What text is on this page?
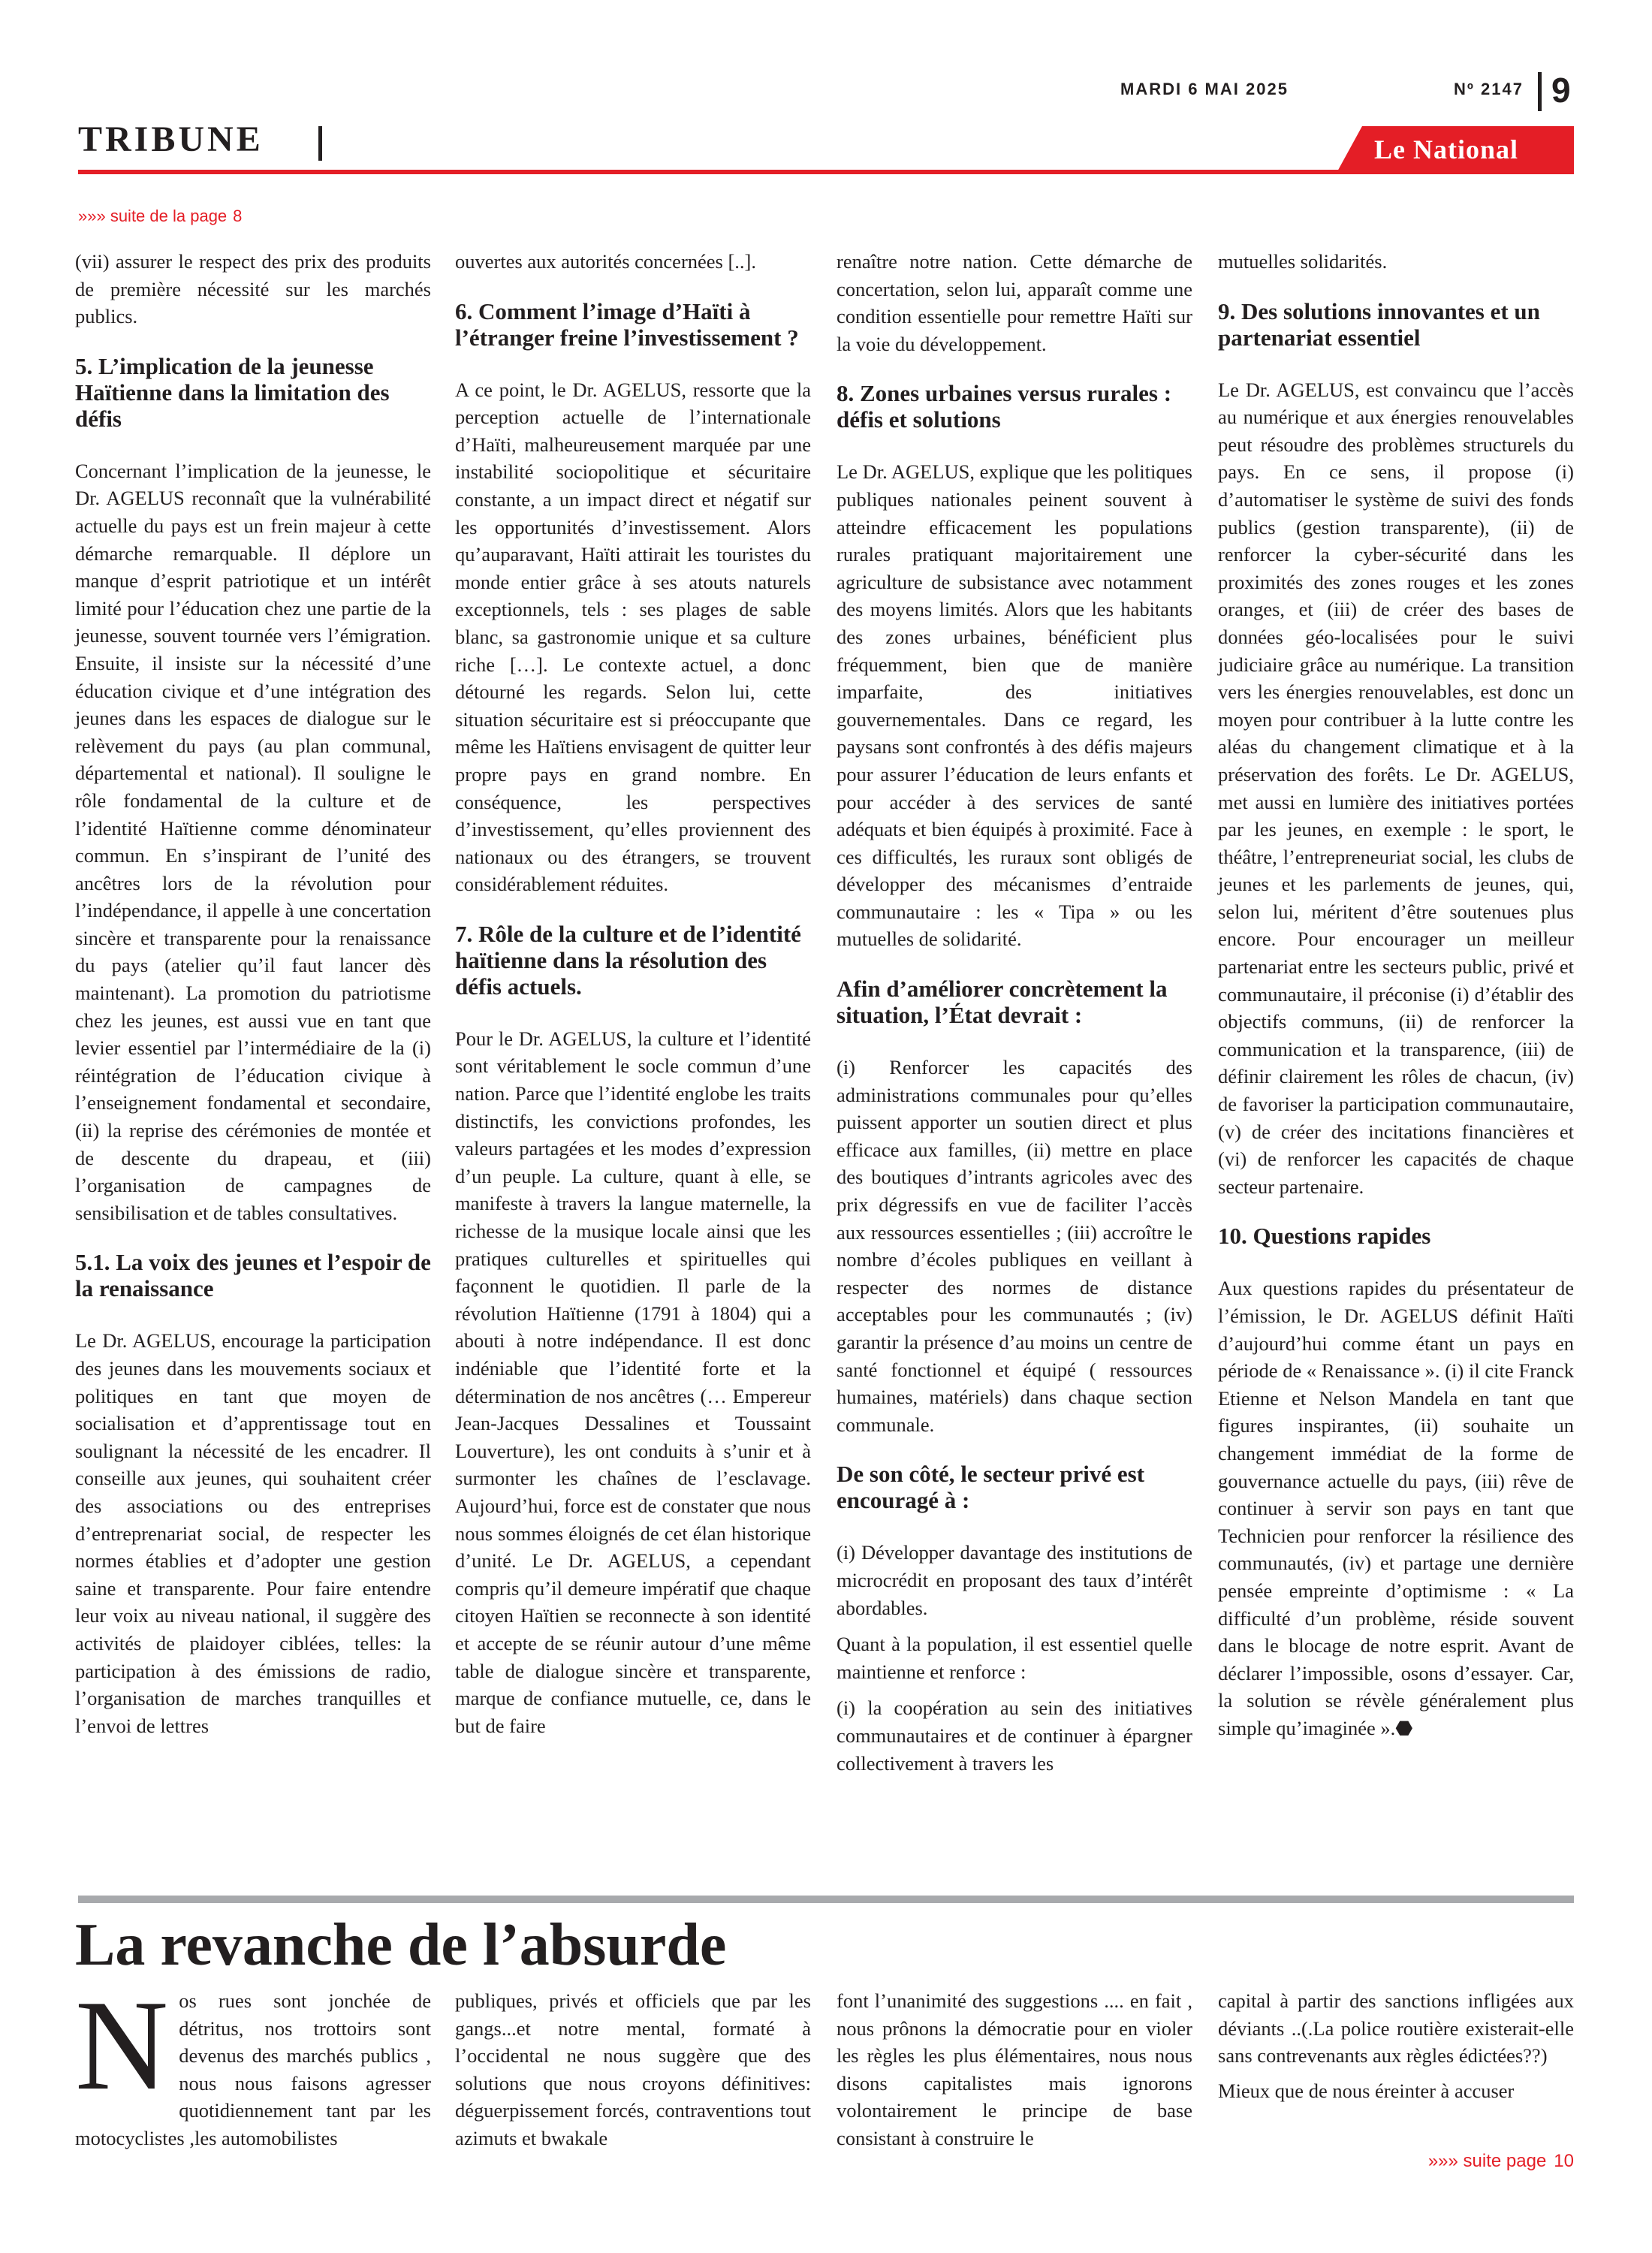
MARDI 6 MAI 2025	Nº 2147 9
TRIBUNE	Le National
»»» suite de la page 8

(vii) assurer le respect des prix des produits de première nécessité sur les marchés publics.

5. L’implication de la jeunesse Haïtienne dans la limitation des défis

Concernant l’implication de la jeunesse, le Dr. AGELUS reconnaît que la vulnérabilité actuelle du pays est un frein majeur à cette démarche remarquable. Il déplore un manque d’esprit patriotique et un intérêt limité pour l’éducation chez une partie de la jeunesse, souvent tournée vers l’émigration. Ensuite, il insiste sur la nécessité d’une éducation civique et d’une intégration des jeunes dans les espaces de dialogue sur le relèvement du pays (au plan communal, départemental et national). Il souligne le rôle fondamental de la culture et de l’identité Haïtienne comme dénominateur commun. En s’inspirant de l’unité des ancêtres lors de la révolution pour l’indépendance, il appelle à une concertation sincère et transparente pour la renaissance du pays (atelier qu’il faut lancer dès maintenant). La promotion du patriotisme chez les jeunes, est aussi vue en tant que levier essentiel par l’intermédiaire de la (i) réintégration de l’éducation civique à l’enseignement fondamental et secondaire, (ii) la reprise des cérémonies de montée et de descente du drapeau, et (iii) l’organisation de campagnes de sensibilisation et de tables consultatives.

5.1. La voix des jeunes et l’espoir de la renaissance

Le Dr. AGELUS, encourage la participation des jeunes dans les mouvements sociaux et politiques en tant que moyen de socialisation et d’apprentissage tout en soulignant la nécessité de les encadrer. Il conseille aux jeunes, qui souhaitent créer des associations ou des entreprises d’entreprenariat social, de respecter les normes établies et d’adopter une gestion saine et transparente. Pour faire entendre leur voix au niveau national, il suggère des activités de plaidoyer ciblées, telles: la participation à des émissions de radio, l’organisation de marches tranquilles et l’envoi de lettres

ouvertes aux autorités concernées [..].

6. Comment l’image d’Haïti à l’étranger freine l’investissement ?

A ce point, le Dr. AGELUS, ressorte que la perception actuelle de l’internationale d’Haïti, malheureusement marquée par une instabilité sociopolitique et sécuritaire constante, a un impact direct et négatif sur les opportunités d’investissement. Alors qu’auparavant, Haïti attirait les touristes du monde entier grâce à ses atouts naturels exceptionnels, tels : ses plages de sable blanc, sa gastronomie unique et sa culture riche […]. Le contexte actuel, a donc détourné les regards. Selon lui, cette situation sécuritaire est si préoccupante que même les Haïtiens envisagent de quitter leur propre pays en grand nombre. En conséquence, les perspectives d’investissement, qu’elles proviennent des nationaux ou des étrangers, se trouvent considérablement réduites.

7. Rôle de la culture et de l’identité haïtienne dans la résolution des défis actuels.

Pour le Dr. AGELUS, la culture et l’identité sont véritablement le socle commun d’une nation. Parce que l’identité englobe les traits distinctifs, les convictions profondes, les valeurs partagées et les modes d’expression d’un peuple. La culture, quant à elle, se manifeste à travers la langue maternelle, la richesse de la musique locale ainsi que les pratiques culturelles et spirituelles qui façonnent le quotidien. Il parle de la révolution Haïtienne (1791 à 1804) qui a abouti à notre indépendance. Il est donc indéniable que l’identité forte et la détermination de nos ancêtres (… Empereur Jean-Jacques Dessalines et Toussaint Louverture), les ont conduits à s’unir et à surmonter les chaînes de l’esclavage. Aujourd’hui, force est de constater que nous nous sommes éloignés de cet élan historique d’unité. Le Dr. AGELUS, a cependant compris qu’il demeure impératif que chaque citoyen Haïtien se reconnecte à son identité et accepte de se réunir autour d’une même table de dialogue sincère et transparente, marque de confiance mutuelle, ce, dans le but de faire

renaître notre nation. Cette démarche de concertation, selon lui, apparaît comme une condition essentielle pour remettre Haïti sur la voie du développement.

8. Zones urbaines versus rurales : défis et solutions

Le Dr. AGELUS, explique que les politiques publiques nationales peinent souvent à atteindre efficacement les populations rurales pratiquant majoritairement une agriculture de subsistance avec notamment des moyens limités. Alors que les habitants des zones urbaines, bénéficient plus fréquemment, bien que de manière imparfaite, des initiatives gouvernementales. Dans ce regard, les paysans sont confrontés à des défis majeurs pour assurer l’éducation de leurs enfants et pour accéder à des services de santé adéquats et bien équipés à proximité. Face à ces difficultés, les ruraux sont obligés de développer des mécanismes d’entraide communautaire : les « Tipa » ou les mutuelles de solidarité.

Afin d’améliorer concrètement la situation, l’État devrait :

(i) Renforcer les capacités des administrations communales pour qu’elles puissent apporter un soutien direct et plus efficace aux familles, (ii) mettre en place des boutiques d’intrants agricoles avec des prix dégressifs en vue de faciliter l’accès aux ressources essentielles ; (iii) accroître le nombre d’écoles publiques en veillant à respecter des normes de distance acceptables pour les communautés ; (iv) garantir la présence d’au moins un centre de santé fonctionnel et équipé ( ressources humaines, matériels) dans chaque section communale.

De son côté, le secteur privé est encouragé à :

(i) Développer davantage des institutions de microcrédit en proposant des taux d’intérêt abordables.

Quant à la population, il est essentiel quelle maintienne et renforce :

(i) la coopération au sein des initiatives communautaires et de continuer à épargner collectivement à travers les

mutuelles solidarités.

9. Des solutions innovantes et un partenariat essentiel

Le Dr. AGELUS, est convaincu que l’accès au numérique et aux énergies renouvelables peut résoudre des problèmes structurels du pays. En ce sens, il propose (i) d’automatiser le système de suivi des fonds publics (gestion transparente), (ii) de renforcer la cyber-sécurité dans les proximités des zones rouges et les zones oranges, et (iii) de créer des bases de données géo-localisées pour le suivi judiciaire grâce au numérique. La transition vers les énergies renouvelables, est donc un moyen pour contribuer à la lutte contre les aléas du changement climatique et à la préservation des forêts. Le Dr. AGELUS, met aussi en lumière des initiatives portées par les jeunes, en exemple : le sport, le théâtre, l’entrepreneuriat social, les clubs de jeunes et les parlements de jeunes, qui, selon lui, méritent d’être soutenues plus encore. Pour encourager un meilleur partenariat entre les secteurs public, privé et communautaire, il préconise (i) d’établir des objectifs communs, (ii) de renforcer la communication et la transparence, (iii) de définir clairement les rôles de chacun, (iv) de favoriser la participation communautaire, (v) de créer des incitations financières et (vi) de renforcer les capacités de chaque secteur partenaire.

10. Questions rapides

Aux questions rapides du présentateur de l’émission, le Dr. AGELUS définit Haïti d’aujourd’hui comme étant un pays en période de « Renaissance ». (i) il cite Franck Etienne et Nelson Mandela en tant que figures inspirantes, (ii) souhaite un changement immédiat de la forme de gouvernance actuelle du pays, (iii) rêve de continuer à servir son pays en tant que Technicien pour renforcer la résilience des communautés, (iv) et partage une dernière pensée empreinte d’optimisme : « La difficulté d’un problème, réside souvent dans le blocage de notre esprit. Avant de déclarer l’impossible, osons d’essayer. Car, la solution se révèle généralement plus simple qu’imaginée ».⬣

La revanche de l’absurde

Nos rues sont jonchée de détritus, nos trottoirs sont devenus des marchés publics , nous nous faisons agresser quotidiennement tant par les motocyclistes ,les automobilistes

publiques, privés et officiels que par les gangs...et notre mental, formaté à l’occidental ne nous suggère que des solutions que nous croyons définitives: déguerpissement forcés, contraventions tout azimuts et bwakale

font l’unanimité des suggestions .... en fait , nous prônons la démocratie pour en violer les règles les plus élémentaires, nous nous disons capitalistes mais ignorons volontairement le principe de base consistant à construire le

capital à partir des sanctions infligées aux déviants ..(.La police routière existerait-elle sans contrevenants aux règles édictées??)

Mieux que de nous éreinter à accuser

»»» suite page 10
